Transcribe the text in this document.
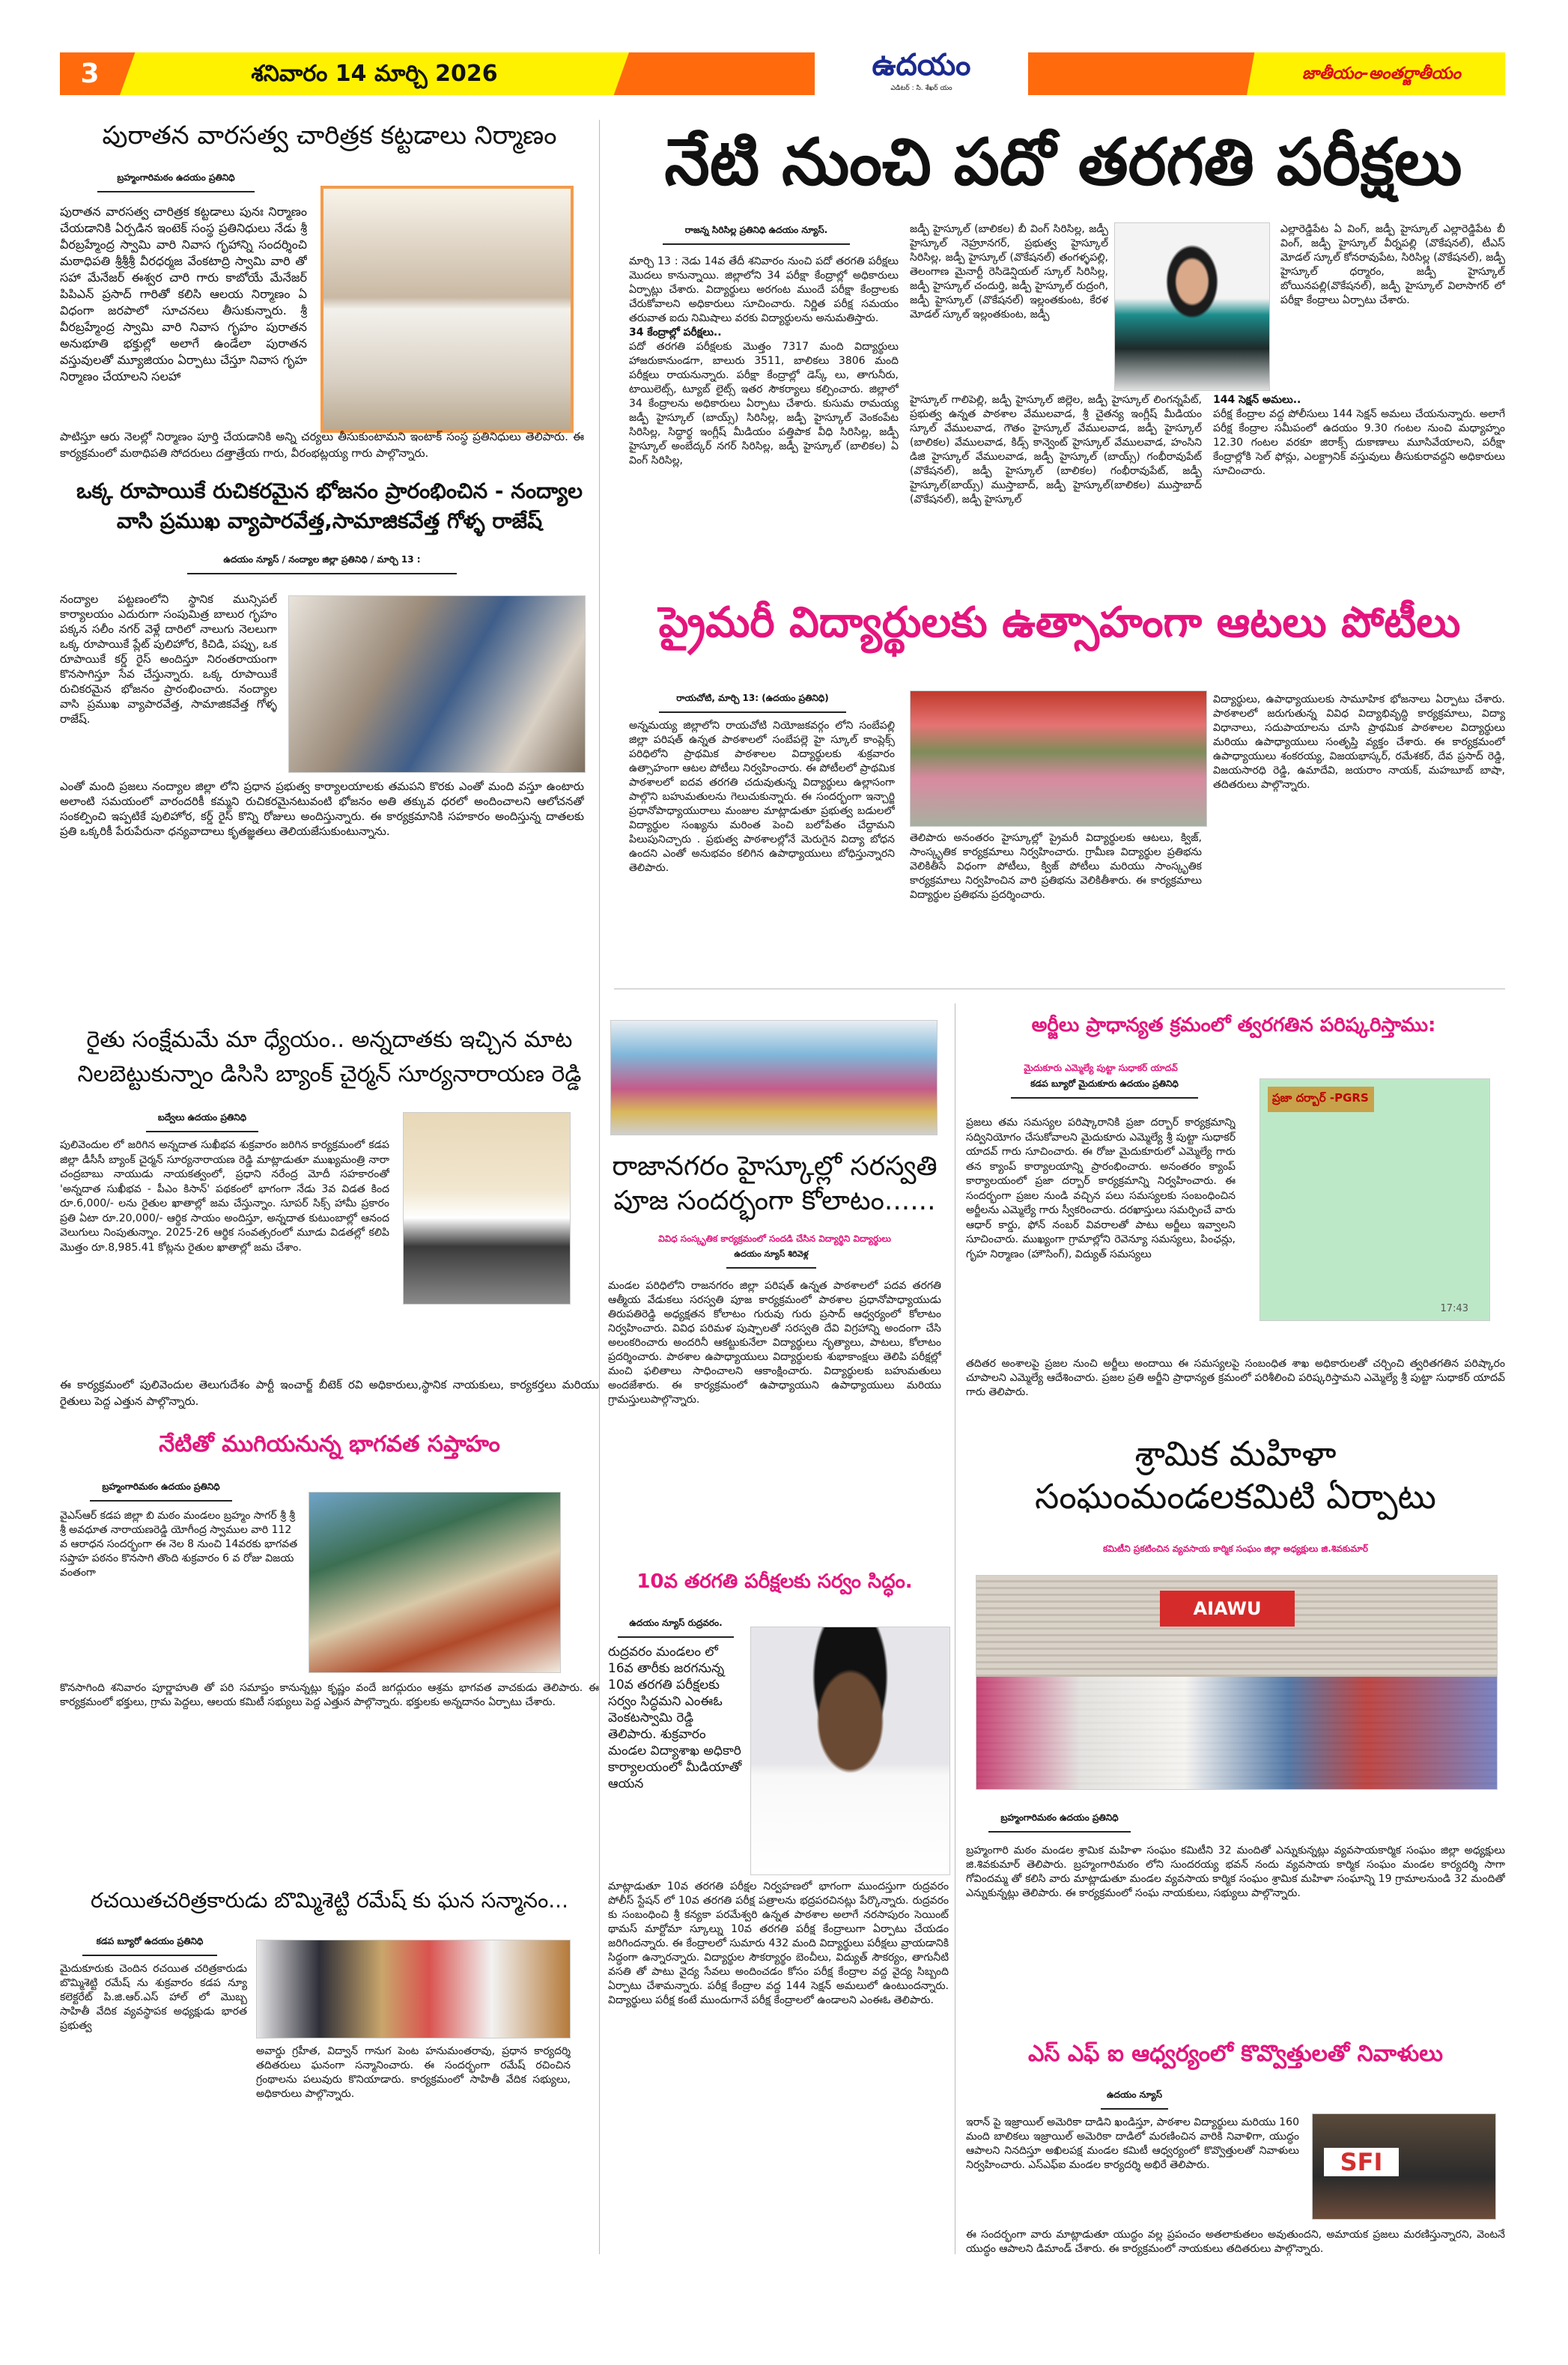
3	శనివారం 14 మార్చి 2026	ఉదయం
ఎడిటర్ : సి. శేఖర్ యం
జాతీయం-అంతర్జాతీయం
పురాతన వారసత్వ చారిత్రక కట్టడాలు నిర్మాణం
బ్రహ్మంగారిమఠం ఉదయం ప్రతినిధి
పురాతన వారసత్వ చారిత్రక కట్టడాలు పునః నిర్మాణం చేయడానికి ఏర్పడిన ఇంటెక్ సంస్థ ప్రతినిధులు నేడు శ్రీ వీరబ్రహ్మేంద్ర స్వామి వారి నివాస గృహాన్ని సందర్శించి మఠాధిపతి శ్రీశ్రీశ్రీ వీరధర్మజ వేంకటాద్రి స్వామి వారి తో సహా మేనేజర్ ఈశ్వర చారి గారు కాబోయే మేనేజర్ పిపిఎన్ ప్రసాద్ గారితో కలిసి ఆలయ నిర్మాణం ఏ విధంగా జరపాలో సూచనలు తీసుకున్నారు. శ్రీ వీరబ్రహ్మేంద్ర స్వామి వారి నివాస గృహం పురాతన అనుభూతి భక్తుల్లో అలాగే ఉండేలా పురాతన వస్తువులతో మ్యూజియం ఏర్పాటు చేస్తూ నివాస గృహ నిర్మాణం చేయాలని సలహా
పాటిస్తూ ఆరు నెలల్లో నిర్మాణం పూర్తి చేయడానికి అన్ని చర్యలు తీసుకుంటామని ఇంటాక్ సంస్థ ప్రతినిధులు తెలిపారు. ఈ కార్యక్రమంలో మఠాధిపతి సోదరులు దత్తాత్రేయ గారు, వీరంభట్లయ్య గారు పాల్గొన్నారు.
ఒక్క రూపాయికే రుచికరమైన భోజనం ప్రారంభించిన - నంద్యాల
వాసి ప్రముఖ వ్యాపారవేత్త,సామాజికవేత్త గోళ్ళ రాజేష్
ఉదయం న్యూస్ / నంద్యాల జిల్లా ప్రతినిధి / మార్చి 13 :
నంద్యాల పట్టణంలోని స్థానిక మున్సిపల్ కార్యాలయం ఎదురుగా సంపుమిత్ర బాలుర గృహం పక్కన సలీం నగర్ వెళ్లే దారిలో నాలుగు నెలలుగా ఒక్క రూపాయికే ప్లేట్ పులిహోర, కిచిడి, పప్పు, ఒక రూపాయికే కర్డ్ రైస్ అందిస్తూ నిరంతరాయంగా కొనసాగిస్తూ సేవ చేస్తున్నారు. ఒక్క రూపాయికే రుచికరమైన భోజనం ప్రారంభించారు. నంద్యాల వాసి ప్రముఖ వ్యాపారవేత్త, సామాజికవేత్త గోళ్ళ రాజేష్.
ఎంతో మంది ప్రజలు నంద్యాల జిల్లా లోని ప్రధాన ప్రభుత్వ కార్యాలయాలకు తమపని కొరకు ఎంతో మంది వస్తూ ఉంటారు అలాంటి సమయంలో వారందరికీ కమ్మని రుచికరమైనటువంటి భోజనం అతి తక్కువ ధరలో అందించాలని ఆలోచనతో సంకల్పించి ఇప్పటికే పులిహోర, కర్డ్ రైస్ కొన్ని రోజులు అందిస్తున్నారు. ఈ కార్యక్రమానికి సహకారం అందిస్తున్న దాతలకు ప్రతి ఒక్కరికీ పేరుపేరునా ధన్యవాదాలు కృతజ్ఞతలు తెలియజేసుకుంటున్నాను.
నేటి నుంచి పదో తరగతి పరీక్షలు
రాజన్న సిరిసిల్ల ప్రతినిధి ఉదయం న్యూస్.
మార్చి 13 : నెడు 14వ తేదీ శనివారం నుంచి పదో తరగతి పరీక్షలు మొదలు కానున్నాయి. జిల్లాలోని 34 పరీక్షా కేంద్రాల్లో అధికారులు ఏర్పాట్లు చేశారు. విద్యార్థులు అరగంట ముందే పరీక్షా కేంద్రాలకు చేరుకోవాలని అధికారులు సూచించారు. నిర్ణిత పరీక్ష సమయం తరువాత ఐదు నిమిషాలు వరకు విద్యార్థులను అనుమతిస్తారు.
34 కేంద్రాల్లో పరీక్షలు..
పదో తరగతి పరీక్షలకు మొత్తం 7317 మంది విద్యార్థులు హాజరుకానుండగా, బాలురు 3511, బాలికలు 3806 మంది పరీక్షలు రాయనున్నారు. పరీక్షా కేంద్రాల్లో డెస్క్ లు, తాగునీరు, టాయిలెట్స్, ట్యూబ్ లైట్స్ ఇతర సౌకర్యాలు కల్పించారు. జిల్లాలో 34 కేంద్రాలను అధికారులు ఏర్పాటు చేశారు. కుసుమ రామయ్య జడ్పీ హైస్కూల్ (బాయ్స్) సిరిసిల్ల, జడ్పీ హైస్కూల్ వెంకంపేట సిరిసిల్ల, సిద్ధార్థ ఇంగ్లీష్ మీడియం పత్తిపాక వీధి సిరిసిల్ల, జడ్పీ హైస్కూల్ అంబేద్కర్ నగర్ సిరిసిల్ల, జడ్పీ హైస్కూల్ (బాలికల) ఏ వింగ్ సిరిసిల్ల,
జడ్పీ హైస్కూల్ (బాలికల) బీ వింగ్ సిరిసిల్ల, జడ్పీ హైస్కూల్ నెహ్రూనగర్, ప్రభుత్వ హైస్కూల్ సిరిసిల్ల, జడ్పీ హైస్కూల్ (వొకేషనల్) తంగళ్ళపల్లి, తెలంగాణ మైనార్టీ రెసిడెన్షియల్ స్కూల్ సిరిసిల్ల, జడ్పీ హైస్కూల్ చందుర్తి, జడ్పీ హైస్కూల్ రుద్రంగి, జడ్పీ హైస్కూల్ (వొకేషనల్) ఇల్లంతకుంట, కేరళ మోడల్ స్కూల్ ఇల్లంతకుంట, జడ్పీ
ఎల్లారెడ్డిపేట ఏ వింగ్, జడ్పీ హైస్కూల్ ఎల్లారెడ్డిపేట బీ వింగ్, జడ్పీ హైస్కూల్ వీర్నపల్లి (వొకేషనల్), టీఎస్ మోడల్ స్కూల్ కోనరావుపేట, సిరిసిల్ల (వొకేషనల్), జడ్పీ హైస్కూల్ ధర్మారం, జడ్పీ హైస్కూల్ బోయినపల్లి(వొకేషనల్), జడ్పీ హైస్కూల్ విలాసాగర్ లో పరీక్షా కేంద్రాలు ఏర్పాటు చేశారు.
హైస్కూల్ గాలిపెల్లి, జడ్పీ హైస్కూల్ జిల్లెల, జడ్పీ హైస్కూల్ లింగన్నపేట్, ప్రభుత్వ ఉన్నత పాఠశాల వేములవాడ, శ్రీ చైతన్య ఇంగ్లీష్ మీడియం స్కూల్ వేములవాడ, గౌతం హైస్కూల్ వేములవాడ, జడ్పీ హైస్కూల్ (బాలికల) వేములవాడ, కిడ్స్ కాన్వెంట్ హైస్కూల్ వేములవాడ, హంసిని డిజి హైస్కూల్ వేములవాడ, జడ్పీ హైస్కూల్ (బాయ్స్) గంభీరావుపేట్ (వొకేషనల్), జడ్పీ హైస్కూల్ (బాలికల) గంభీరావుపేట్, జడ్పీ హైస్కూల్(బాయ్స్) ముస్తాబాద్, జడ్పీ హైస్కూల్(బాలికల) ముస్తాబాద్ (వొకేషనల్), జడ్పీ హైస్కూల్
144 సెక్షన్ అమలు..
పరీక్ష కేంద్రాల వద్ద పోలీసులు 144 సెక్షన్ అమలు చేయనున్నారు. అలాగే పరీక్ష కేంద్రాల సమీపంలో ఉదయం 9.30 గంటల నుంచి మధ్యాహ్నం 12.30 గంటల వరకూ జిరాక్స్ దుకాణాలు మూసివేయాలని, పరీక్షా కేంద్రాల్లోకి సెల్ ఫోన్లు, ఎలక్ట్రానిక్ వస్తువులు తీసుకురావద్దని అధికారులు సూచించారు.
ప్రైమరీ విద్యార్థులకు ఉత్సాహంగా ఆటలు పోటీలు
రాయచోటి, మార్చి 13: (ఉదయం ప్రతినిధి)
అన్నమయ్య జిల్లాలోని రాయచోటి నియోజకవర్గం లోని సంబేపల్లి జిల్లా పరిషత్ ఉన్నత పాఠశాలలో సంబేపల్లె హై స్కూల్ కాంప్లెక్స్ పరిధిలోని ప్రాథమిక పాఠశాలల విద్యార్థులకు శుక్రవారం ఉత్సాహంగా ఆటల పోటీలు నిర్వహించారు. ఈ పోటీలలో ప్రాథమిక పాఠశాలలో ఐదవ తరగతి చదువుతున్న విద్యార్థులు ఉల్లాసంగా పాల్గొని బహుమతులను గెలుచుకున్నారు. ఈ సందర్భంగా ఇన్చార్జి ప్రధానోపాధ్యాయురాలు మంజుల మాట్లాడుతూ ప్రభుత్వ బడులలో విద్యార్థుల సంఖ్యను మరింత పెంచి బలోపేతం చేద్దామని పిలుపునిచ్చారు . ప్రభుత్వ పాఠశాలల్లోనే మెరుగైన విద్యా బోధన ఉందని ఎంతో అనుభవం కలిగిన ఉపాధ్యాయులు బోధిస్తున్నారని తెలిపారు.
తెలిపారు అనంతరం హైస్కూల్లో ప్రైమరీ విద్యార్థులకు ఆటలు, క్విజ్, సాంస్కృతిక కార్యక్రమాలు నిర్వహించారు. గ్రామీణ విద్యార్థుల ప్రతిభను వెలికితీసే విధంగా పోటీలు, క్విజ్ పోటీలు మరియు సాంస్కృతిక కార్యక్రమాలు నిర్వహించిన వారి ప్రతిభను వెలికితీశారు. ఈ కార్యక్రమాలు విద్యార్థుల ప్రతిభను ప్రదర్శించారు.
విద్యార్థులు, ఉపాధ్యాయులకు సామూహిక భోజనాలు ఏర్పాటు చేశారు. పాఠశాలలో జరుగుతున్న వివిధ విద్యాభివృద్ధి కార్యక్రమాలు, విద్యా విధానాలు, సదుపాయాలను చూసి ప్రాథమిక పాఠశాలల విద్యార్థులు మరియు ఉపాధ్యాయులు సంతృప్తి వ్యక్తం చేశారు. ఈ కార్యక్రమంలో ఉపాధ్యాయులు శంకరయ్య, విజయభాస్కర్, రమేశకర్, దేవ ప్రసాద్ రెడ్డి, విజయసారధి రెడ్డి, ఉమాదేవి, జయరాం నాయక్, మహబూబ్ బాషా, తదితరులు పాల్గొన్నారు.
రైతు సంక్షేమమే మా ధ్యేయం.. అన్నదాతకు ఇచ్చిన మాట
నిలబెట్టుకున్నాం డిసిసి బ్యాంక్ చైర్మన్ సూర్యనారాయణ రెడ్డి
బద్వేలు ఉదయం ప్రతినిధి
పులివెందుల లో జరిగిన అన్నదాత సుఖీభవ శుక్రవారం జరిగిన కార్యక్రమంలో కడప జిల్లా డీసీసీ బ్యాంక్ చైర్మన్ సూర్యనారాయణ రెడ్డి మాట్లాడుతూ ముఖ్యమంత్రి నారా చంద్రబాబు నాయుడు నాయకత్వంలో, ప్రధాని నరేంద్ర మోదీ సహకారంతో 'అన్నదాత సుఖీభవ - పీఎం కిసాన్' పథకంలో భాగంగా నేడు 3వ విడత కింద రూ.6,000/- లను రైతుల ఖాతాల్లో జమ చేస్తున్నాం. సూపర్ సిక్స్ హామీ ప్రకారం ప్రతి ఏటా రూ.20,000/- ఆర్థిక సాయం అందిస్తూ, అన్నదాత కుటుంబాల్లో ఆనంద వెలుగులు నింపుతున్నాం. 2025-26 ఆర్థిక సంవత్సరంలో మూడు విడతల్లో కలిపి మొత్తం రూ.8,985.41 కోట్లను రైతుల ఖాతాల్లో జమ చేశాం.
ఈ కార్యక్రమంలో పులివెందుల తెలుగుదేశం పార్టీ ఇంచార్జ్ బీటెక్ రవి అధికారులు,స్థానిక నాయకులు, కార్యకర్తలు మరియు రైతులు పెద్ద ఎత్తున పాల్గొన్నారు.
నేటితో ముగియనున్న భాగవత సప్తాహం
బ్రహ్మంగారిమఠం ఉదయం ప్రతినిధి
వైఎస్ఆర్ కడప జిల్లా బి మఠం మండలం బ్రహ్మం సాగర్ శ్రీ శ్రీ శ్రీ అవధూత నారాయణరెడ్డి యోగీంద్ర స్వాముల వారి 112 వ ఆరాధన సందర్భంగా ఈ నెల 8 నుంచి 14వరకు భాగవత సప్తాహ పఠనం కొనసాగి తొంది శుక్రవారం 6 వ రోజు విజయ వంతంగా
కొనసాగింది శనివారం పూర్ణాహుతి తో పరి సమాప్తం కానున్నట్లు కృష్ణం వందే జగద్గురుం ఆశ్రమ భాగవత వాచకుడు తెలిపారు. ఈ కార్యక్రమంలో భక్తులు, గ్రామ పెద్దలు, ఆలయ కమిటీ సభ్యులు పెద్ద ఎత్తున పాల్గొన్నారు. భక్తులకు అన్నదానం ఏర్పాటు చేశారు.
రచయితచరిత్రకారుడు బొమ్మిశెట్టి రమేష్ కు ఘన సన్మానం...
కడప బ్యూరో ఉదయం ప్రతినిధి
మైదుకూరుకు చెందిన రచయిత చరిత్రకారుడు బొమ్మిశెట్టి రమేష్ ను శుక్రవారం కడప న్యూ కలెక్టరేట్ పి.జి.ఆర్.ఎస్ హాల్ లో మొబ్బ సాహితీ వేదిక వ్యవస్థాపక అధ్యక్షుడు భారత ప్రభుత్వ
అవార్డు గ్రహీత, విద్వాన్ గానుగ పెంట హనుమంతరావు, ప్రధాన కార్యదర్శి తదితరులు ఘనంగా సన్మానించారు. ఈ సందర్భంగా రమేష్ రచించిన గ్రంథాలను పలువురు కొనియాడారు. కార్యక్రమంలో సాహితీ వేదిక సభ్యులు, అధికారులు పాల్గొన్నారు.
రాజానగరం హైస్కూల్లో సరస్వతి పూజ సందర్భంగా కోలాటం......
వివిధ సంస్కృతిక కార్యక్రమంలో సందడి చేసిన విద్యార్థిని విద్యార్థులు
ఉదయం న్యూస్ శిరివెళ్ల
మండల పరిధిలోని రాజనగరం జిల్లా పరిషత్ ఉన్నత పాఠశాలలో పదవ తరగతి ఆత్మీయ వేడుకలు సరస్వతి పూజ కార్యక్రమంలో పాఠశాల ప్రధానోపాధ్యాయుడు తిరుపతిరెడ్డి అధ్యక్షతన కోలాటం గురువు గురు ప్రసాద్ ఆధ్వర్యంలో కోలాటం నిర్వహించారు. వివిధ పరిమళ పుష్పాలతో సరస్వతి దేవి విగ్రహాన్ని అందంగా చేసి అలంకరించారు అందరినీ ఆకట్టుకునేలా విద్యార్థులు నృత్యాలు, పాటలు, కోలాటం ప్రదర్శించారు. పాఠశాల ఉపాధ్యాయులు విద్యార్థులకు శుభాకాంక్షలు తెలిపి పరీక్షల్లో మంచి ఫలితాలు సాధించాలని ఆకాంక్షించారు. విద్యార్థులకు బహుమతులు అందజేశారు. ఈ కార్యక్రమంలో ఉపాధ్యాయుని ఉపాధ్యాయులు మరియు గ్రామస్తులుపాల్గొన్నారు.
10వ తరగతి పరీక్షలకు సర్వం సిద్ధం.
ఉదయం న్యూస్ రుద్రవరం.
రుద్రవరం మండలం లో 16వ తారీకు జరగనున్న 10వ తరగతి పరీక్షలకు సర్వం సిద్ధమని ఎంఈఓ వెంకటస్వామి రెడ్డి తెలిపారు. శుక్రవారం మండల విద్యాశాఖ అధికారి కార్యాలయంలో మీడియాతో ఆయన
మాట్లాడుతూ 10వ తరగతి పరీక్షల నిర్వహణలో భాగంగా ముందస్తుగా రుద్రవరం పోలీస్ స్టేషన్ లో 10వ తరగతి పరీక్ష పత్రాలను భద్రపరచినట్లు పేర్కొన్నారు. రుద్రవరం కు సంబంధించి శ్రీ కన్యకా పరమేశ్వరి ఉన్నత పాఠశాల అలాగే నరసాపురం సెయింట్ థామస్ మార్టోమా స్కూల్ను 10వ తరగతి పరీక్ష కేంద్రాలుగా ఏర్పాటు చేయడం జరిగిందన్నారు. ఈ కేంద్రాలలో సుమారు 432 మంది విద్యార్థులు పరీక్షలు వ్రాయడానికి సిద్ధంగా ఉన్నారన్నారు. విద్యార్థుల సౌకర్యార్థం బెంచీలు, విద్యుత్ సౌకర్యం, తాగునీటి వసతి తో పాటు వైద్య సేవలు అందించడం కోసం పరీక్ష కేంద్రాల వద్ద వైద్య సిబ్బంది ఏర్పాటు చేశామన్నారు. పరీక్ష కేంద్రాల వద్ద 144 సెక్షన్ అమలులో ఉంటుందన్నారు. విద్యార్థులు పరీక్ష కంటే ముందుగానే పరీక్ష కేంద్రాలలో ఉండాలని ఎంఈఓ తెలిపారు.
అర్జీలు ప్రాధాన్యత క్రమంలో త్వరగతిన పరిష్కరిస్తాము:
మైదుకూరు ఎమ్మెల్యే పుట్టా సుధాకర్ యాదవ్
కడప బ్యూరో మైదుకూరు ఉదయం ప్రతినిధి
ప్రజలు తమ సమస్యల పరిష్కారానికి ప్రజా దర్బార్ కార్యక్రమాన్ని సద్వినియోగం చేసుకోవాలని మైదుకూరు ఎమ్మెల్యే శ్రీ పుట్టా సుధాకర్ యాదవ్ గారు సూచించారు. ఈ రోజు మైదుకూరులో ఎమ్మెల్యే గారు తన క్యాంప్ కార్యాలయాన్ని ప్రారంభించారు. అనంతరం క్యాంప్ కార్యాలయంలో ప్రజా దర్బార్ కార్యక్రమాన్ని నిర్వహించారు. ఈ సందర్భంగా ప్రజల నుండి వచ్చిన పలు సమస్యలకు సంబంధించిన అర్జీలను ఎమ్మెల్యే గారు స్వీకరించారు. దరఖాస్తులు సమర్పించే వారు ఆధార్ కార్డు, ఫోన్ నంబర్ వివరాలతో పాటు అర్జీలు ఇవ్వాలని సూచించారు. ముఖ్యంగా గ్రామాల్లోని రెవెన్యూ సమస్యలు, పింఛన్లు, గృహ నిర్మాణం (హౌసింగ్), విద్యుత్ సమస్యలు
ప్రజా దర్బార్ -PGRS
17:43
తదితర అంశాలపై ప్రజల నుంచి అర్జీలు అందాయి ఈ సమస్యలపై సంబంధిత శాఖ అధికారులతో చర్చించి త్వరితగతిన పరిష్కారం చూపాలని ఎమ్మెల్యే ఆదేశించారు. ప్రజల ప్రతి అర్జీని ప్రాధాన్యత క్రమంలో పరిశీలించి పరిష్కరిస్తామని ఎమ్మెల్యే శ్రీ పుట్టా సుధాకర్ యాదవ్ గారు తెలిపారు.
శ్రామిక మహిళా
సంఘంమండలకమిటి ఏర్పాటు
కమిటీని ప్రకటించిన వ్యవసాయ కార్మిక సంఘం జిల్లా అధ్యక్షులు జి.శివకుమార్
AIAWU
బ్రహ్మంగారిమఠం ఉదయం ప్రతినిధి
బ్రహ్మంగారి మఠం మండల శ్రామిక మహిళా సంఘం కమిటీని 32 మందితో ఎన్నుకున్నట్లు వ్యవసాయకార్మిక సంఘం జిల్లా అధ్యక్షులు జి.శివకుమార్ తెలిపారు. బ్రహ్మంగారిమఠం లోని సుందరయ్య భవన్ నందు వ్యవసాయ కార్మిక సంఘం మండల కార్యదర్శి సాగా గోవిందమ్మ తో కలిసి వారు మాట్లాడుతూ మండల వ్యవసాయ కార్మిక సంఘం శ్రామిక మహిళా సంఘాన్ని 19 గ్రామాలనుండి 32 మందితో ఎన్నుకున్నట్లు తెలిపారు. ఈ కార్యక్రమంలో సంఘ నాయకులు, సభ్యులు పాల్గొన్నారు.
ఎస్ ఎఫ్ ఐ ఆధ్వర్యంలో కొవ్వొత్తులతో నివాళులు
ఉదయం న్యూస్
ఇరాన్ పై ఇజ్రాయిల్ అమెరికా దాడిని ఖండిస్తూ, పాఠశాల విద్యార్థులు మరియు 160 మంది బాలికలు ఇజ్రాయిల్ అమెరికా దాడిలో మరణించిన వారికి నివాళిగా, యుద్ధం ఆపాలని నినదిస్తూ అఖిలపక్ష మండల కమిటీ ఆధ్వర్యంలో కొవ్వొత్తులతో నివాళులు నిర్వహించారు. ఎస్ఎఫ్ఐ మండల కార్యదర్శి అభిరే తెలిపారు.	SFI
ఈ సందర్భంగా వారు మాట్లాడుతూ యుద్ధం వల్ల ప్రపంచం అతలాకుతలం అవుతుందని, అమాయక ప్రజలు మరణిస్తున్నారని, వెంటనే యుద్ధం ఆపాలని డిమాండ్ చేశారు. ఈ కార్యక్రమంలో నాయకులు తదితరులు పాల్గొన్నారు.
